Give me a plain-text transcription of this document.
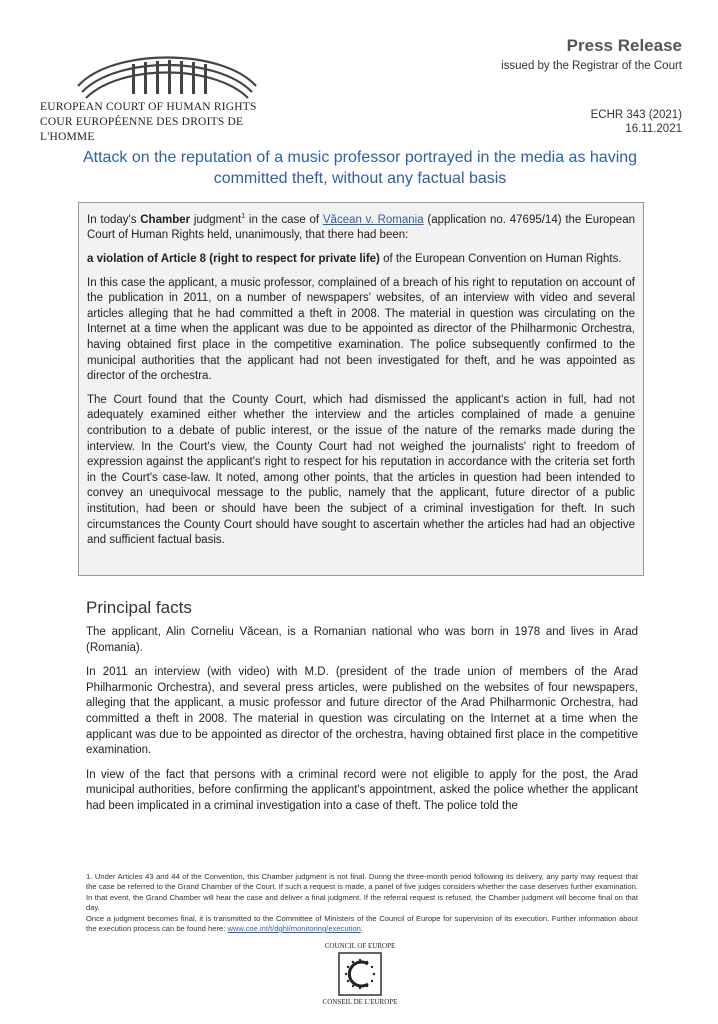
EUROPEAN COURT OF HUMAN RIGHTS
COUR EUROPÉENNE DES DROITS DE L'HOMME
Press Release
issued by the Registrar of the Court
ECHR 343 (2021)
16.11.2021
Attack on the reputation of a music professor portrayed in the media as having committed theft, without any factual basis

In today's Chamber judgment$^1$ in the case of Văcean v. Romania (application no. 47695/14) the European Court of Human Rights held, unanimously, that there had been:

a violation of Article 8 (right to respect for private life) of the European Convention on Human Rights.

In this case the applicant, a music professor, complained of a breach of his right to reputation on account of the publication in 2011, on a number of newspapers' websites, of an interview with video and several articles alleging that he had committed a theft in 2008. The material in question was circulating on the Internet at a time when the applicant was due to be appointed as director of the Philharmonic Orchestra, having obtained first place in the competitive examination. The police subsequently confirmed to the municipal authorities that the applicant had not been investigated for theft, and he was appointed as director of the orchestra.

The Court found that the County Court, which had dismissed the applicant's action in full, had not adequately examined either whether the interview and the articles complained of made a genuine contribution to a debate of public interest, or the issue of the nature of the remarks made during the interview. In the Court's view, the County Court had not weighed the journalists' right to freedom of expression against the applicant's right to respect for his reputation in accordance with the criteria set forth in the Court's case-law. It noted, among other points, that the articles in question had been intended to convey an unequivocal message to the public, namely that the applicant, future director of a public institution, had been or should have been the subject of a criminal investigation for theft. In such circumstances the County Court should have sought to ascertain whether the articles had had an objective and sufficient factual basis.

Principal facts

The applicant, Alin Corneliu Văcean, is a Romanian national who was born in 1978 and lives in Arad (Romania).

In 2011 an interview (with video) with M.D. (president of the trade union of members of the Arad Philharmonic Orchestra), and several press articles, were published on the websites of four newspapers, alleging that the applicant, a music professor and future director of the Arad Philharmonic Orchestra, had committed a theft in 2008. The material in question was circulating on the Internet at a time when the applicant was due to be appointed as director of the orchestra, having obtained first place in the competitive examination.

In view of the fact that persons with a criminal record were not eligible to apply for the post, the Arad municipal authorities, before confirming the applicant's appointment, asked the police whether the applicant had been implicated in a criminal investigation into a case of theft. The police told the

1. Under Articles 43 and 44 of the Convention, this Chamber judgment is not final. During the three-month period following its delivery, any party may request that the case be referred to the Grand Chamber of the Court. If such a request is made, a panel of five judges considers whether the case deserves further examination. In that event, the Grand Chamber will hear the case and deliver a final judgment. If the referral request is refused, the Chamber judgment will become final on that day.
Once a judgment becomes final, it is transmitted to the Committee of Ministers of the Council of Europe for supervision of its execution. Further information about the execution process can be found here: www.coe.int/t/dghl/monitoring/execution.
COUNCIL OF EUROPE
CONSEIL DE L'EUROPE
